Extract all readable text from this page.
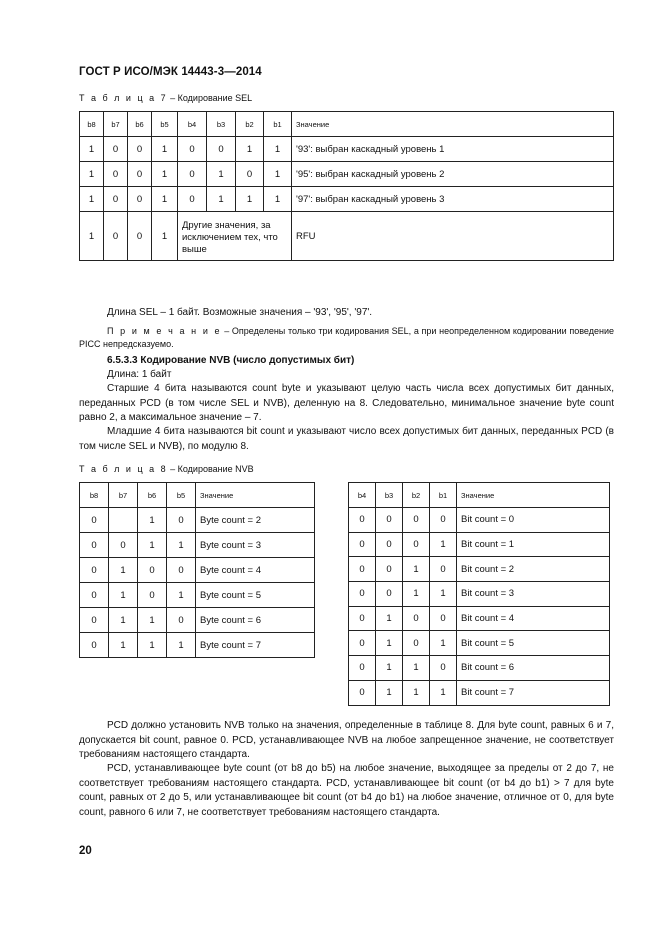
ГОСТ Р ИСО/МЭК 14443-3—2014
Т а б л и ц а 7 – Кодирование SEL
b8	b7	b6	b5	b4	b3	b2	b1	Значение
1	0	0	1	0	0	1	1	'93': выбран каскадный уровень 1
1	0	0	1	0	1	0	1	'95': выбран каскадный уровень 2
1	0	0	1	0	1	1	1	'97': выбран каскадный уровень 3
1	0	0	1	Другие значения, за исключением тех, что выше				RFU
Длина SEL – 1 байт. Возможные значения – '93', '95', '97'.
П р и м е ч а н и е – Определены только три кодирования SEL, а при неопределенном кодировании поведение PICC непредсказуемо.
6.5.3.3 Кодирование NVB (число допустимых бит)
Длина: 1 байт
Старшие 4 бита называются count byte и указывают целую часть числа всех допустимых бит данных, переданных PCD (в том числе SEL и NVB), деленную на 8. Следовательно, минимальное значение byte count равно 2, а максимальное значение – 7.
Младшие 4 бита называются bit count и указывают число всех допустимых бит данных, переданных PCD (в том числе SEL и NVB), по модулю 8.
Т а б л и ц а 8 – Кодирование NVB
b8	b7	b6	b5	Значение
0		1	0	Byte count = 2
0	0	1	1	Byte count = 3
0	1	0	0	Byte count = 4
0	1	0	1	Byte count = 5
0	1	1	0	Byte count = 6
0	1	1	1	Byte count = 7
b4	b3	b2	b1	Значение
0	0	0	0	Bit count = 0
0	0	0	1	Bit count = 1
0	0	1	0	Bit count = 2
0	0	1	1	Bit count = 3
0	1	0	0	Bit count = 4
0	1	0	1	Bit count = 5
0	1	1	0	Bit count = 6
0	1	1	1	Bit count = 7
PCD должно установить NVB только на значения, определенные в таблице 8. Для byte count, равных 6 и 7, допускается bit count, равное 0. PCD, устанавливающее NVB на любое запрещенное значение, не соответствует требованиям настоящего стандарта.
PCD, устанавливающее byte count (от b8 до b5) на любое значение, выходящее за пределы от 2 до 7, не соответствует требованиям настоящего стандарта. PCD, устанавливающее bit count (от b4 до b1) > 7 для byte count, равных от 2 до 5, или устанавливающее bit count (от b4 до b1) на любое значение, отличное от 0, для byte count, равного 6 или 7, не соответствует требованиям настоящего стандарта.
20
